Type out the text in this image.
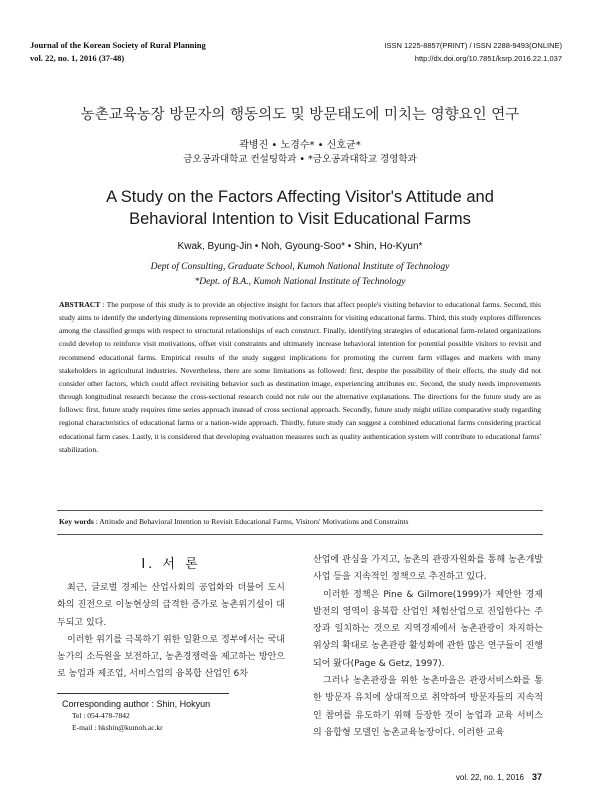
Journal of the Korean Society of Rural Planning
vol. 22, no. 1, 2016 (37-48)
ISSN 1225-8857(PRINT) / ISSN 2288-9493(ONLINE)
http://dx.doi.org/10.7851/ksrp.2016.22.1.037
농촌교육농장 방문자의 행동의도 및 방문태도에 미치는 영향요인 연구
곽병진 • 노경수* • 신호균*
금오공과대학교 컨설팅학과 • *금오공과대학교 경영학과
A Study on the Factors Affecting Visitor's Attitude and
Behavioral Intention to Visit Educational Farms
Kwak, Byung-Jin • Noh, Gyoung-Soo* • Shin, Ho-Kyun*
Dept of Consulting, Graduate School, Kumoh National Institute of Technology
*Dept. of B.A., Kumoh National Institute of Technology
ABSTRACT : The purpose of this study is to provide an objective insight for factors that affect people's visiting behavior to educational farms. Second, this study aims to identify the underlying dimensions representing motivations and constraints for visiting educational farms. Third, this study explores differences among the classified groups with respect to structural relationships of each construct. Finally, identifying strategies of educational farm-related organizations could develop to reinforce visit motivations, offset visit constraints and ultimately increase behavioral intention for potential possible visitors to revisit and recommend educational farms. Empirical results of the study suggest implications for promoting the current farm villages and markets with many stakeholders in agricultural industries. Nevertheless, there are some limitations as followed: first, despite the possibility of their effects, the study did not consider other factors, which could affect revisiting behavior such as destination image, experiencing attributes etc. Second, the study needs improvements through longitudinal research because the cross-sectional research could not rule out the alternative explanations. The directions for the future study are as follows: first, future study requires time series approach instead of cross sectional approach. Secondly, future study might utilize comparative study regarding regional characteristics of educational farms or a nation-wide approach. Thirdly, future study can suggest a combined educational farms considering practical educational farm cases. Lastly, it is considered that developing evaluation measures such as quality authentication system will contribute to educational farms' stabilization.
Key words : Attitude and Behavioral Intention to Revisit Educational Farms, Visitors' Motivations and Constraints
I. 서 론

최근, 글로벌 경제는 산업사회의 공업화와 더불어 도시화의 진전으로 이농현상의 급격한 증가로 농촌위기설이 대두되고 있다.

이러한 위기를 극복하기 위한 일환으로 정부에서는 국내 농가의 소득원을 보전하고, 농촌경쟁력을 제고하는 방안으로 농업과 제조업, 서비스업의 융복합 산업인 6차

산업에 관심을 가지고, 농촌의 관광자원화를 통해 농촌개발사업 등을 지속적인 정책으로 추진하고 있다.

이러한 정책은 Pine & Gilmore(1999)가 제안한 경제발전의 영역이 융복합 산업인 체험산업으로 진입한다는 주장과 일치하는 것으로 지역경제에서 농촌관광이 차지하는 위상의 확대로 농촌관광 활성화에 관한 많은 연구들이 진행되어 왔다(Page & Getz, 1997).

그러나 농촌관광을 위한 농촌마을은 관광서비스화를 통한 방문자 유치에 상대적으로 취약하여 방문자들의 지속적인 참여를 유도하기 위해 등장한 것이 농업과 교육 서비스의 융합형 모델인 농촌교육농장이다. 이러한 교육

Corresponding author : Shin, Hokyun
Tel : 054-478-7842
E-mail : hkshin@kumoh.ac.kr
vol. 22, no. 1, 2016 37
